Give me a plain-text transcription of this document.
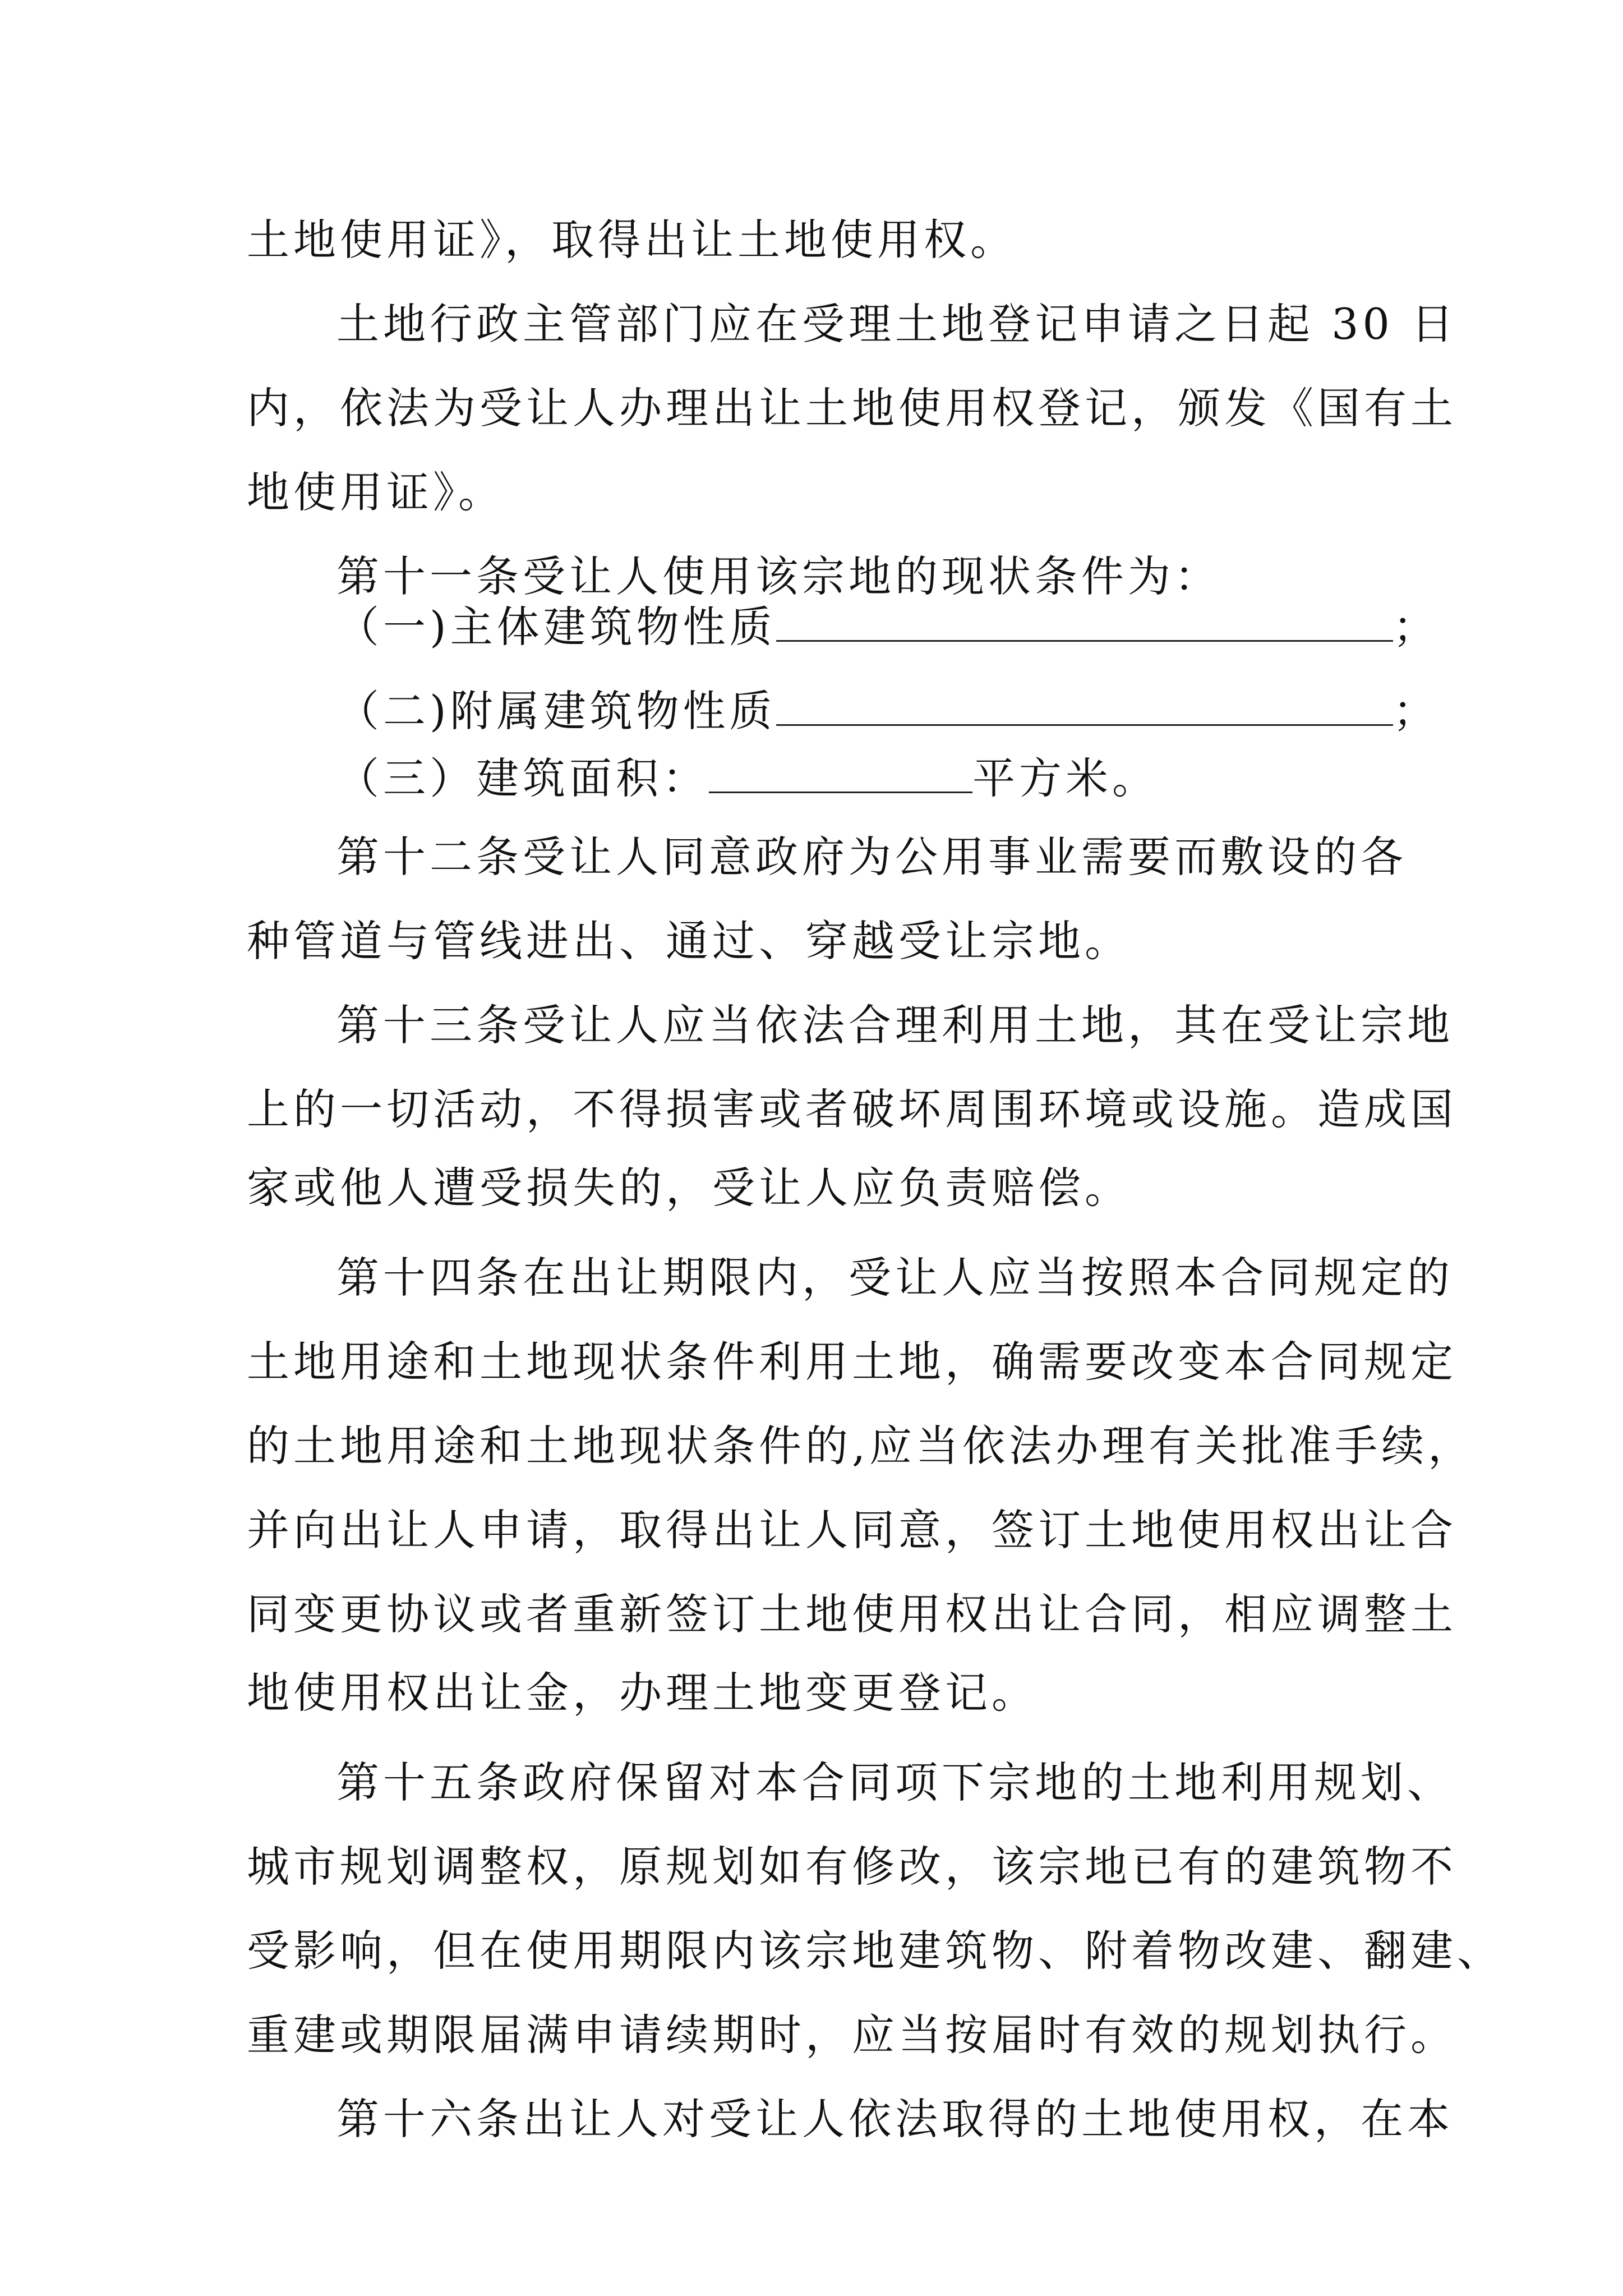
土地使用证》，取得出让土地使用权。
土地行政主管部门应在受理土地登记申请之日起 30 日
内，依法为受让人办理出让土地使用权登记，颁发《国有土
地使用证》。
第十一条受让人使用该宗地的现状条件为：
（一)主体建筑物性质	；
（二)附属建筑物性质	；
（三）建筑面积：	平方米。
第十二条受让人同意政府为公用事业需要而敷设的各
种管道与管线进出、通过、穿越受让宗地。
第十三条受让人应当依法合理利用土地，其在受让宗地
上的一切活动，不得损害或者破坏周围环境或设施。造成国
家或他人遭受损失的，受让人应负责赔偿。
第十四条在出让期限内，受让人应当按照本合同规定的
土地用途和土地现状条件利用土地，确需要改变本合同规定
的土地用途和土地现状条件的,应当依法办理有关批准手续，
并向出让人申请，取得出让人同意，签订土地使用权出让合
同变更协议或者重新签订土地使用权出让合同，相应调整土
地使用权出让金，办理土地变更登记。
第十五条政府保留对本合同项下宗地的土地利用规划、
城市规划调整权，原规划如有修改，该宗地已有的建筑物不
受影响，但在使用期限内该宗地建筑物、附着物改建、翻建、
重建或期限届满申请续期时，应当按届时有效的规划执行。
第十六条出让人对受让人依法取得的土地使用权，在本
